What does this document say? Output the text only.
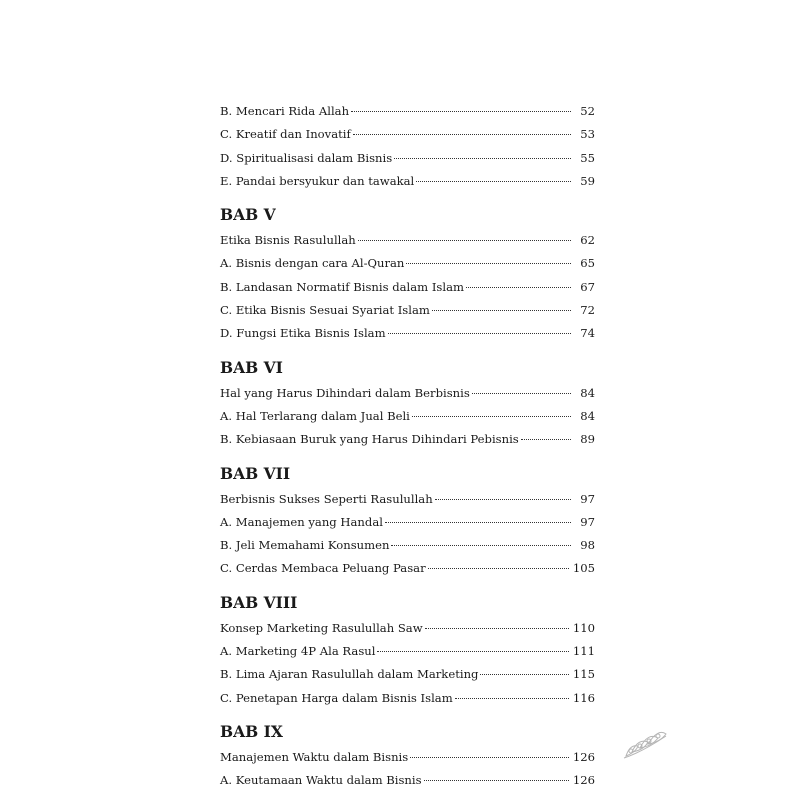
B. Mencari Rida Allah	52
C. Kreatif dan Inovatif	53
D. Spiritualisasi dalam Bisnis	55
E. Pandai bersyukur dan tawakal	59
BAB V
Etika Bisnis Rasulullah	62
A. Bisnis dengan cara Al-Quran	65
B. Landasan Normatif Bisnis dalam Islam	67
C. Etika Bisnis Sesuai Syariat Islam	72
D. Fungsi Etika Bisnis Islam	74
BAB VI
Hal yang Harus Dihindari dalam Berbisnis	84
A. Hal Terlarang dalam Jual Beli	84
B. Kebiasaan Buruk yang Harus Dihindari Pebisnis	89
BAB VII
Berbisnis Sukses Seperti Rasulullah	97
A. Manajemen yang Handal	97
B. Jeli Memahami Konsumen	98
C. Cerdas Membaca Peluang Pasar	105
BAB VIII
Konsep Marketing Rasulullah Saw	110
A. Marketing 4P Ala Rasul	111
B. Lima Ajaran Rasulullah dalam Marketing	115
C. Penetapan Harga dalam Bisnis Islam	116
BAB IX
Manajemen Waktu dalam Bisnis	126
A. Keutamaan Waktu dalam Bisnis	126
